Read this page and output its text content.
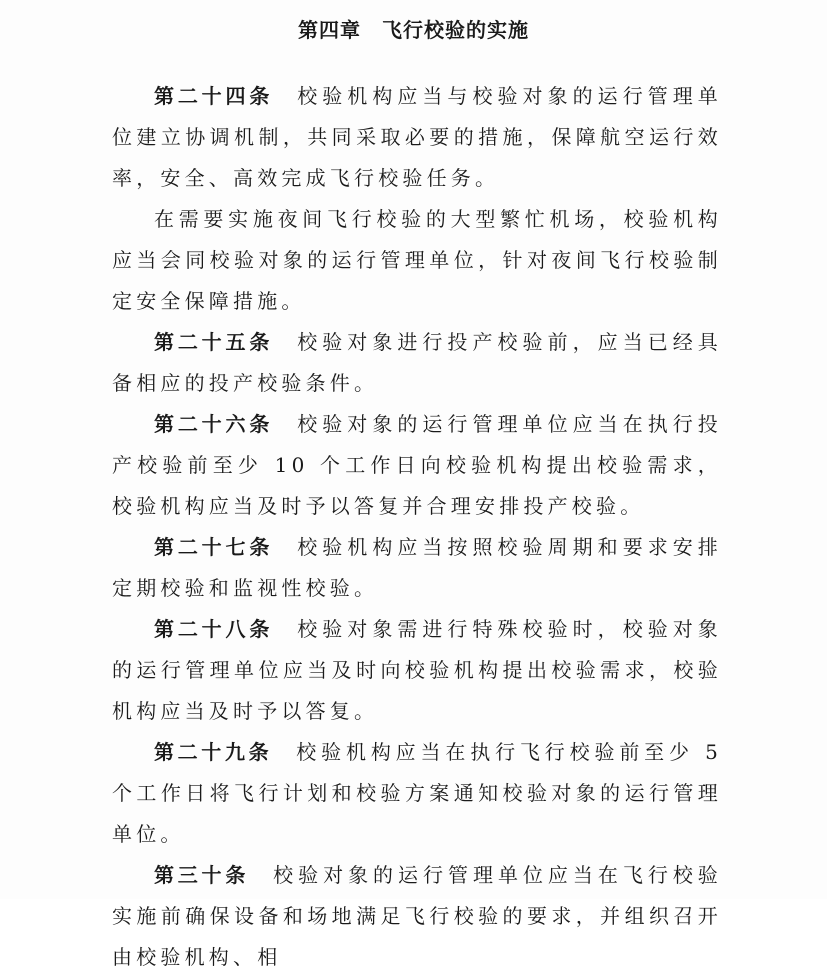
第四章　飞行校验的实施

第二十四条 校验机构应当与校验对象的运行管理单位建立协调机制，共同采取必要的措施，保障航空运行效率，安全、高效完成飞行校验任务。

在需要实施夜间飞行校验的大型繁忙机场，校验机构应当会同校验对象的运行管理单位，针对夜间飞行校验制定安全保障措施。

第二十五条 校验对象进行投产校验前，应当已经具备相应的投产校验条件。

第二十六条 校验对象的运行管理单位应当在执行投产校验前至少 10 个工作日向校验机构提出校验需求，校验机构应当及时予以答复并合理安排投产校验。

第二十七条 校验机构应当按照校验周期和要求安排定期校验和监视性校验。

第二十八条 校验对象需进行特殊校验时，校验对象的运行管理单位应当及时向校验机构提出校验需求，校验机构应当及时予以答复。

第二十九条 校验机构应当在执行飞行校验前至少 5 个工作日将飞行计划和校验方案通知校验对象的运行管理单位。

第三十条 校验对象的运行管理单位应当在飞行校验实施前确保设备和场地满足飞行校验的要求，并组织召开由校验机构、相
